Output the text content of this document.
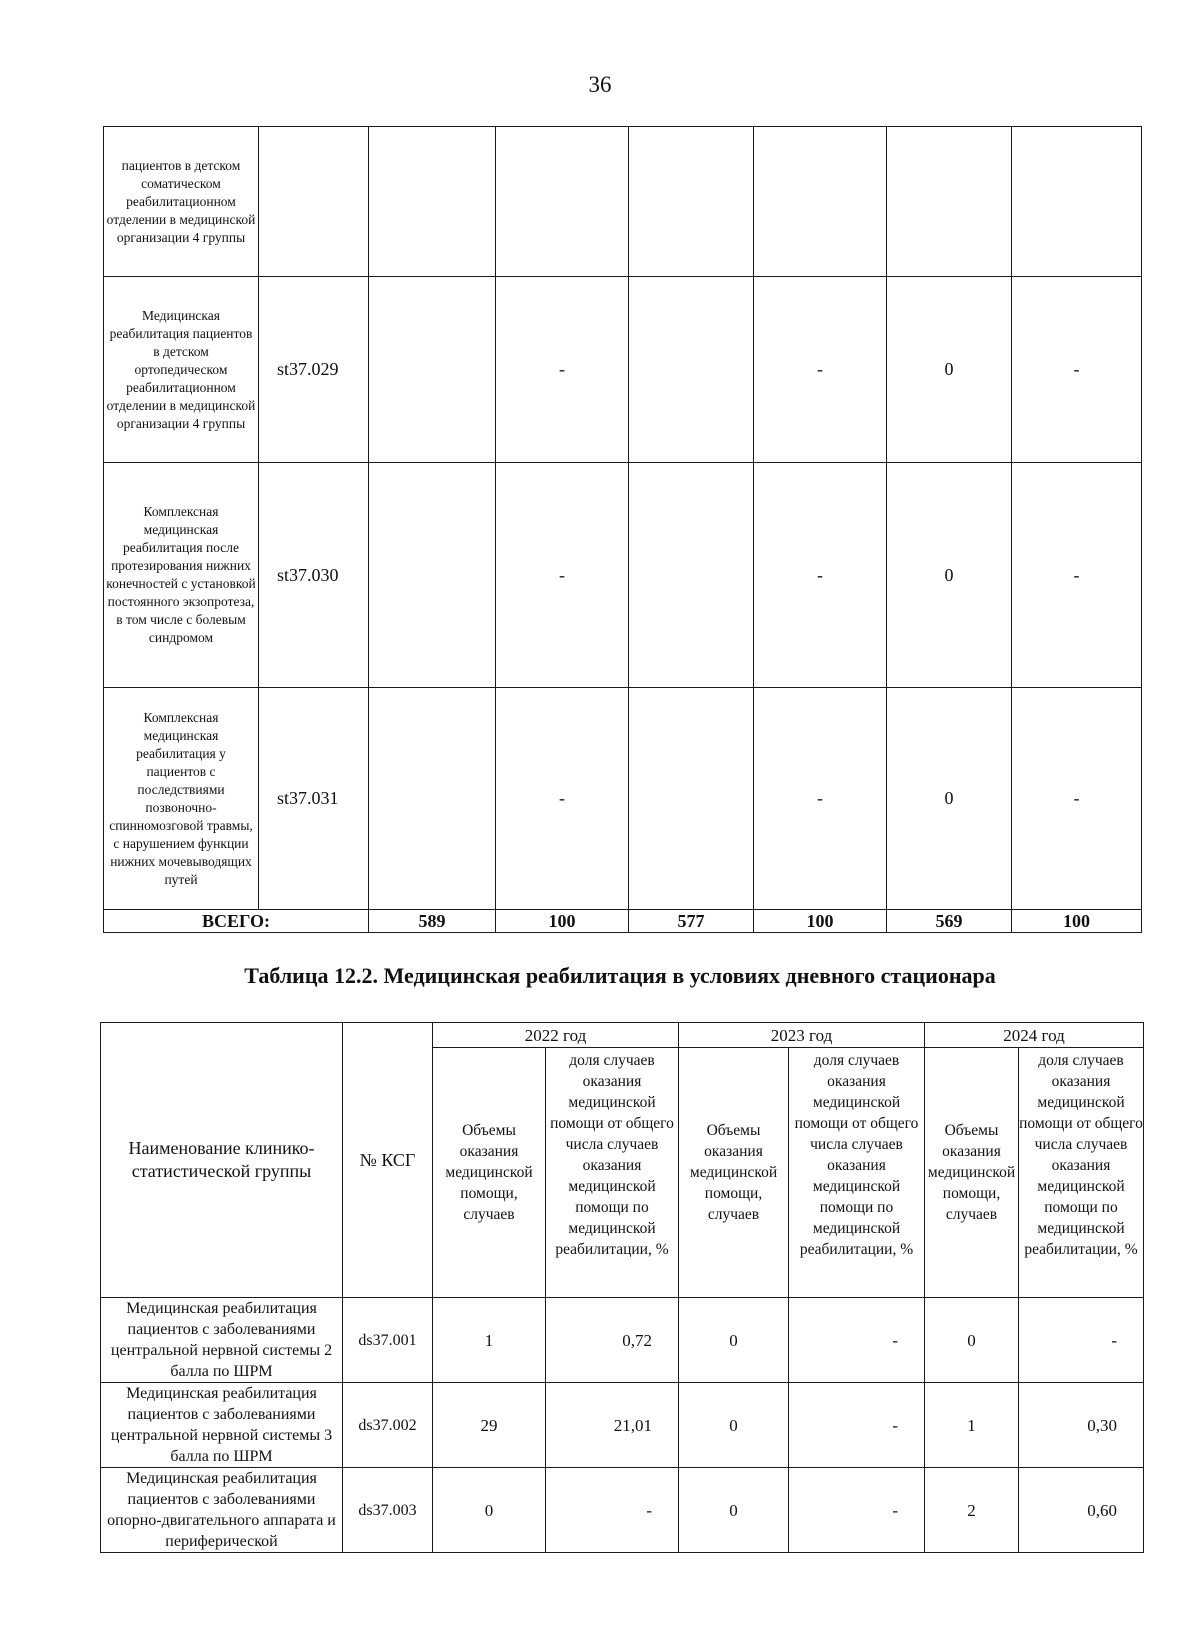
36
пациентов в детском соматическом реабилитационном отделении в медицинской организации 4 группы							
Медицинская реабилитация пациентов в детском ортопедическом реабилитационном отделении в медицинской организации 4 группы	st37.029		-		-	0	-
Комплексная медицинская реабилитация после протезирования нижних конечностей с установкой постоянного экзопротеза, в том числе с болевым синдромом	st37.030		-		-	0	-
Комплексная медицинская реабилитация у пациентов с последствиями позвоночно-спинномозговой травмы, с нарушением функции нижних мочевыводящих путей	st37.031		-		-	0	-
ВСЕГО:		589	100	577	100	569	100
Таблица 12.2. Медицинская реабилитация в условиях дневного стационара
Наименование клинико-статистической группы	№ КСГ	2022 год		2023 год		2024 год	
		Объемы оказания медицинской помощи, случаев	доля случаев оказания медицинской помощи от общего числа случаев оказания медицинской помощи по медицинской реабилитации, %	Объемы оказания медицинской помощи, случаев	доля случаев оказания медицинской помощи от общего числа случаев оказания медицинской помощи по медицинской реабилитации, %	Объемы оказания медицинской помощи, случаев	доля случаев оказания медицинской помощи от общего числа случаев оказания медицинской помощи по медицинской реабилитации, %
Медицинская реабилитация пациентов с заболеваниями центральной нервной системы 2 балла по ШРМ	ds37.001	1	0,72	0	-	0	-
Медицинская реабилитация пациентов с заболеваниями центральной нервной системы 3 балла по ШРМ	ds37.002	29	21,01	0	-	1	0,30
Медицинская реабилитация пациентов с заболеваниями опорно-двигательного аппарата и периферической	ds37.003	0	-	0	-	2	0,60
